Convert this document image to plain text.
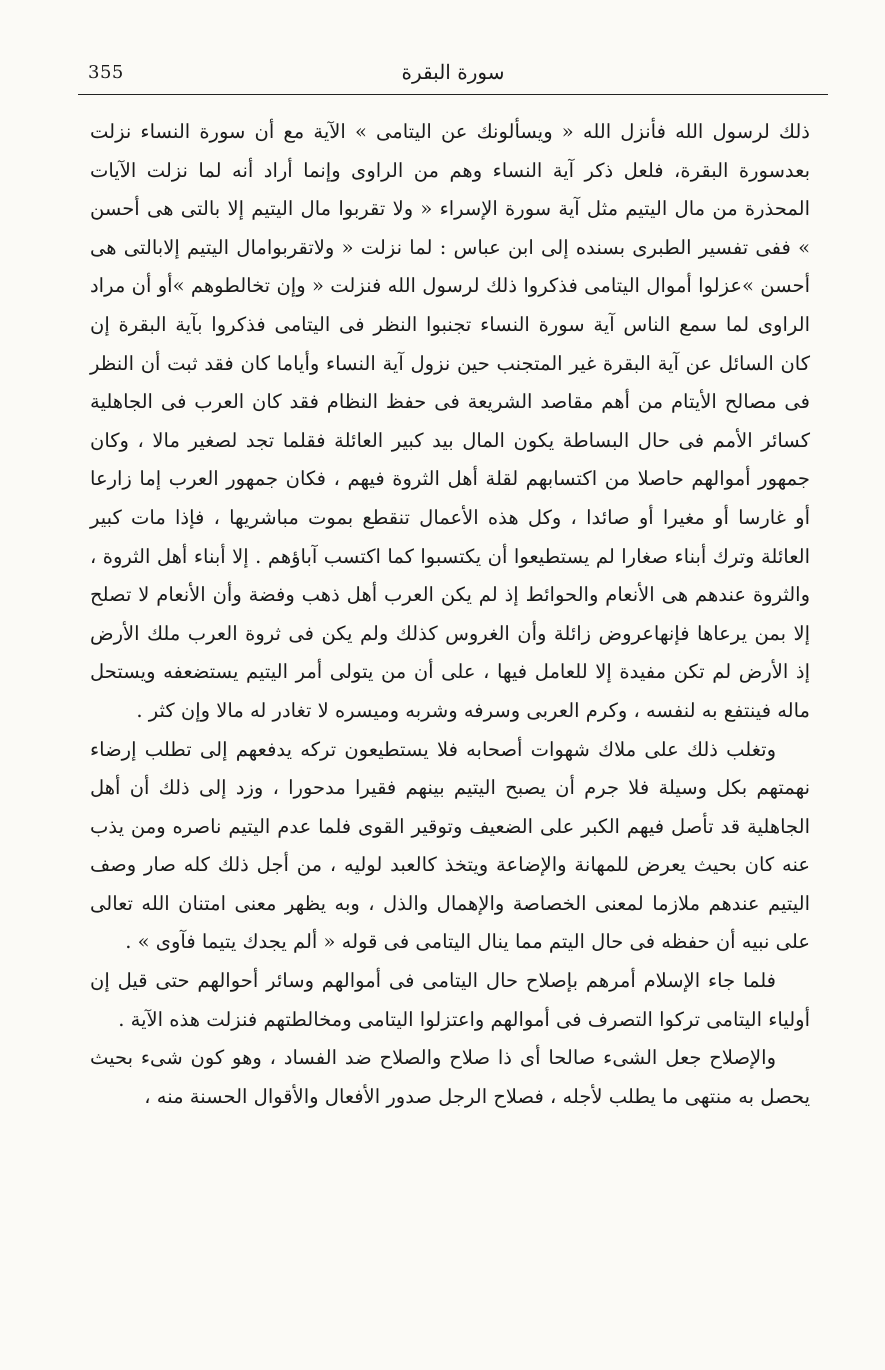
355	سورة البقرة

ذلك لرسول الله فأنزل الله « ويسألونك عن اليتامى » الآية مع أن سورة النساء نزلت بعدسورة البقرة، فلعل ذكر آية النساء وهم من الراوى وإنما أراد أنه لما نزلت الآيات المحذرة من مال اليتيم مثل آية سورة الإسراء « ولا تقربوا مال اليتيم إلا بالتى هى أحسن » ففى تفسير الطبرى بسنده إلى ابن عباس : لما نزلت « ولاتقربوامال اليتيم إلابالتى هى أحسن »عزلوا أموال اليتامى فذكروا ذلك لرسول الله فنزلت « وإن تخالطوهم »أو أن مراد الراوى لما سمع الناس آية سورة النساء تجنبوا النظر فى اليتامى فذكروا بآية البقرة إن كان السائل عن آية البقرة غير المتجنب حين نزول آية النساء وأياما كان فقد ثبت أن النظر فى مصالح الأيتام من أهم مقاصد الشريعة فى حفظ النظام فقد كان العرب فى الجاهلية كسائر الأمم فى حال البساطة يكون المال بيد كبير العائلة فقلما تجد لصغير مالا ، وكان جمهور أموالهم حاصلا من اكتسابهم لقلة أهل الثروة فيهم ، فكان جمهور العرب إما زارعا أو غارسا أو مغيرا أو صائدا ، وكل هذه الأعمال تنقطع بموت مباشريها ، فإذا مات كبير العائلة وترك أبناء صغارا لم يستطيعوا أن يكتسبوا كما اكتسب آباؤهم . إلا أبناء أهل الثروة ، والثروة عندهم هى الأنعام والحوائط إذ لم يكن العرب أهل ذهب وفضة وأن الأنعام لا تصلح إلا بمن يرعاها فإنهاعروض زائلة وأن الغروس كذلك ولم يكن فى ثروة العرب ملك الأرض إذ الأرض لم تكن مفيدة إلا للعامل فيها ، على أن من يتولى أمر اليتيم يستضعفه ويستحل ماله فينتفع به لنفسه ، وكرم العربى وسرفه وشربه وميسره لا تغادر له مالا وإن كثر .

وتغلب ذلك على ملاك شهوات أصحابه فلا يستطيعون تركه يدفعهم إلى تطلب إرضاء نهمتهم بكل وسيلة فلا جرم أن يصبح اليتيم بينهم فقيرا مدحورا ، وزد إلى ذلك أن أهل الجاهلية قد تأصل فيهم الكبر على الضعيف وتوقير القوى فلما عدم اليتيم ناصره ومن يذب عنه كان بحيث يعرض للمهانة والإضاعة ويتخذ كالعبد لوليه ، من أجل ذلك كله صار وصف اليتيم عندهم ملازما لمعنى الخصاصة والإهمال والذل ، وبه يظهر معنى امتنان الله تعالى على نبيه أن حفظه فى حال اليتم مما ينال اليتامى فى قوله « ألم يجدك يتيما فآوى » .

فلما جاء الإسلام أمرهم بإصلاح حال اليتامى فى أموالهم وسائر أحوالهم حتى قيل إن أولياء اليتامى تركوا التصرف فى أموالهم واعتزلوا اليتامى ومخالطتهم فنزلت هذه الآية .

والإصلاح جعل الشىء صالحا أى ذا صلاح والصلاح ضد الفساد ، وهو كون شىء بحيث يحصل به منتهى ما يطلب لأجله ، فصلاح الرجل صدور الأفعال والأقوال الحسنة منه ،
